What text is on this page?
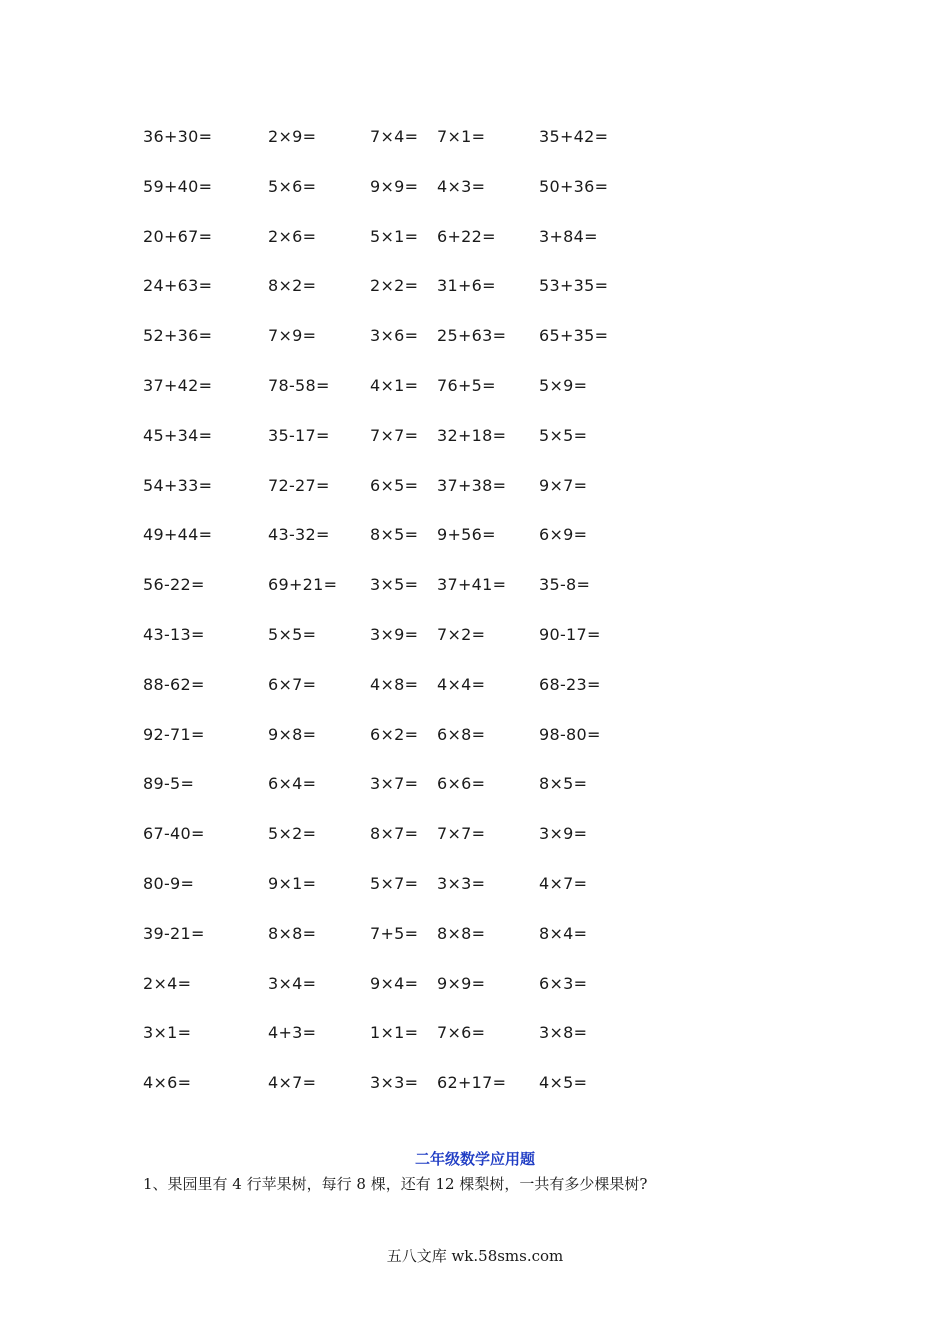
36+30=	2×9=	7×4= 7×1=	35+42=
59+40=	5×6=	9×9= 4×3=	50+36=
20+67=	2×6=	5×1= 6+22=	3+84=
24+63=	8×2=	2×2= 31+6=	53+35=
52+36=	7×9=	3×6= 25+63= 65+35=
37+42=	78-58=	4×1= 76+5=	5×9=
45+34=	35-17=	7×7= 32+18= 5×5=
54+33=	72-27=	6×5= 37+38= 9×7=
49+44=	43-32=	8×5= 9+56=	6×9=
56-22=	69+21= 3×5= 37+41= 35-8=
43-13=	5×5=	3×9= 7×2=	90-17=
88-62=	6×7=	4×8= 4×4=	68-23=
92-71=	9×8=	6×2= 6×8=	98-80=
89-5=	6×4=	3×7= 6×6=	8×5=
67-40=	5×2=	8×7= 7×7=	3×9=
80-9=	9×1=	5×7= 3×3=	4×7=
39-21=	8×8=	7+5= 8×8=	8×4=
2×4=	3×4=	9×4= 9×9=	6×3=
3×1=	4+3=	1×1= 7×6=	3×8=
4×6=	4×7=	3×3= 62+17= 4×5=
二年级数学应用题
1、果园里有 4 行苹果树，每行 8 棵，还有 12 棵梨树，一共有多少棵果树?
五八文库 wk.58sms.com
